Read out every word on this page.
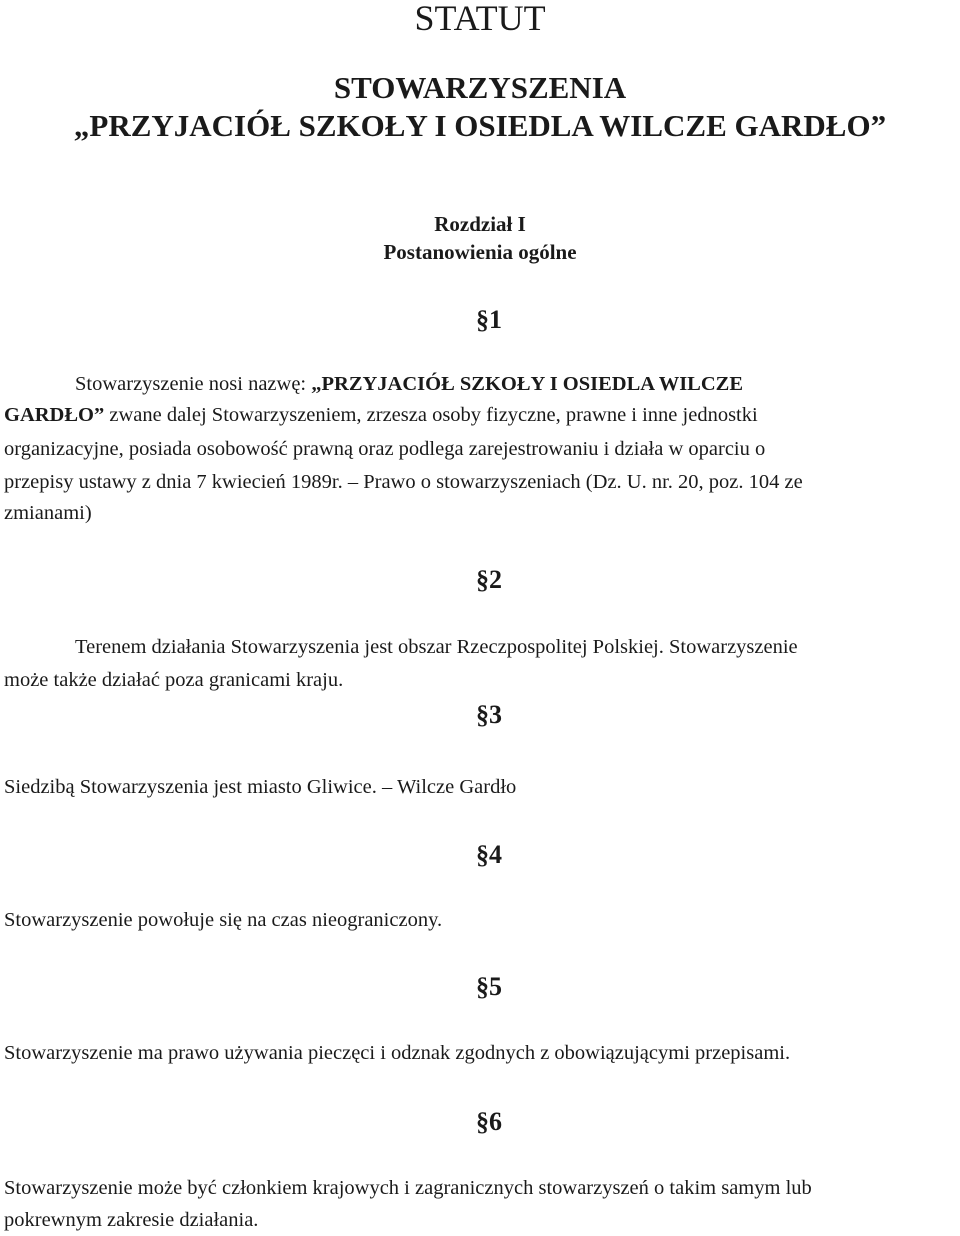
STATUT
STOWARZYSZENIA
„PRZYJACIÓŁ SZKOŁY I OSIEDLA WILCZE GARDŁO”
Rozdział I
Postanowienia ogólne
§1
Stowarzyszenie nosi nazwę: „PRZYJACIÓŁ SZKOŁY I OSIEDLA WILCZE
GARDŁO” zwane dalej Stowarzyszeniem, zrzesza osoby fizyczne, prawne i inne jednostki
organizacyjne, posiada osobowość prawną oraz podlega zarejestrowaniu i działa w oparciu o
przepisy ustawy z dnia 7 kwiecień 1989r. – Prawo o stowarzyszeniach (Dz. U. nr. 20, poz. 104 ze
zmianami)
§2
Terenem działania Stowarzyszenia jest obszar Rzeczpospolitej Polskiej. Stowarzyszenie
może także działać poza granicami kraju.
§3
Siedzibą Stowarzyszenia jest miasto Gliwice. – Wilcze Gardło
§4
Stowarzyszenie powołuje się na czas nieograniczony.
§5
Stowarzyszenie ma prawo używania pieczęci i odznak zgodnych z obowiązującymi przepisami.
§6
Stowarzyszenie może być członkiem krajowych i zagranicznych stowarzyszeń o takim samym lub
pokrewnym zakresie działania.
